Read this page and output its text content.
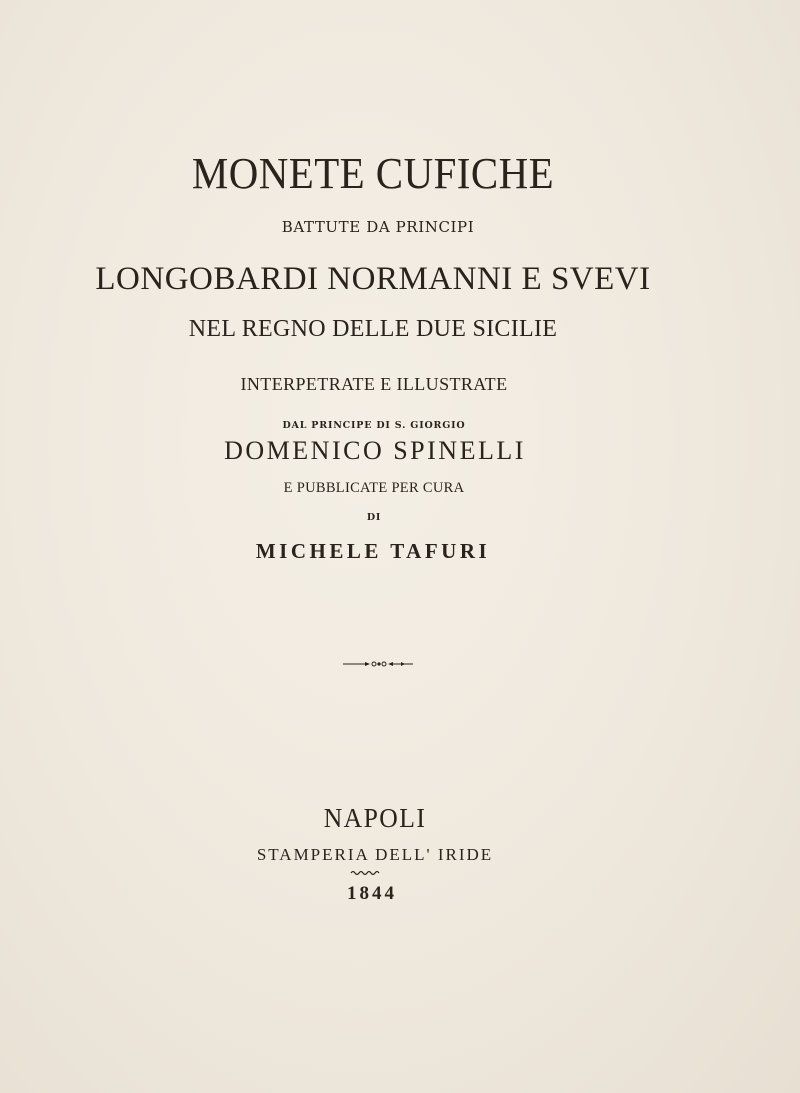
MONETE CUFICHE
BATTUTE DA PRINCIPI
LONGOBARDI NORMANNI E SVEVI
NEL REGNO DELLE DUE SICILIE
INTERPETRATE E ILLUSTRATE
DAL PRINCIPE DI S. GIORGIO
DOMENICO SPINELLI
E PUBBLICATE PER CURA
DI
MICHELE TAFURI
NAPOLI
STAMPERIA DELL' IRIDE
1844
